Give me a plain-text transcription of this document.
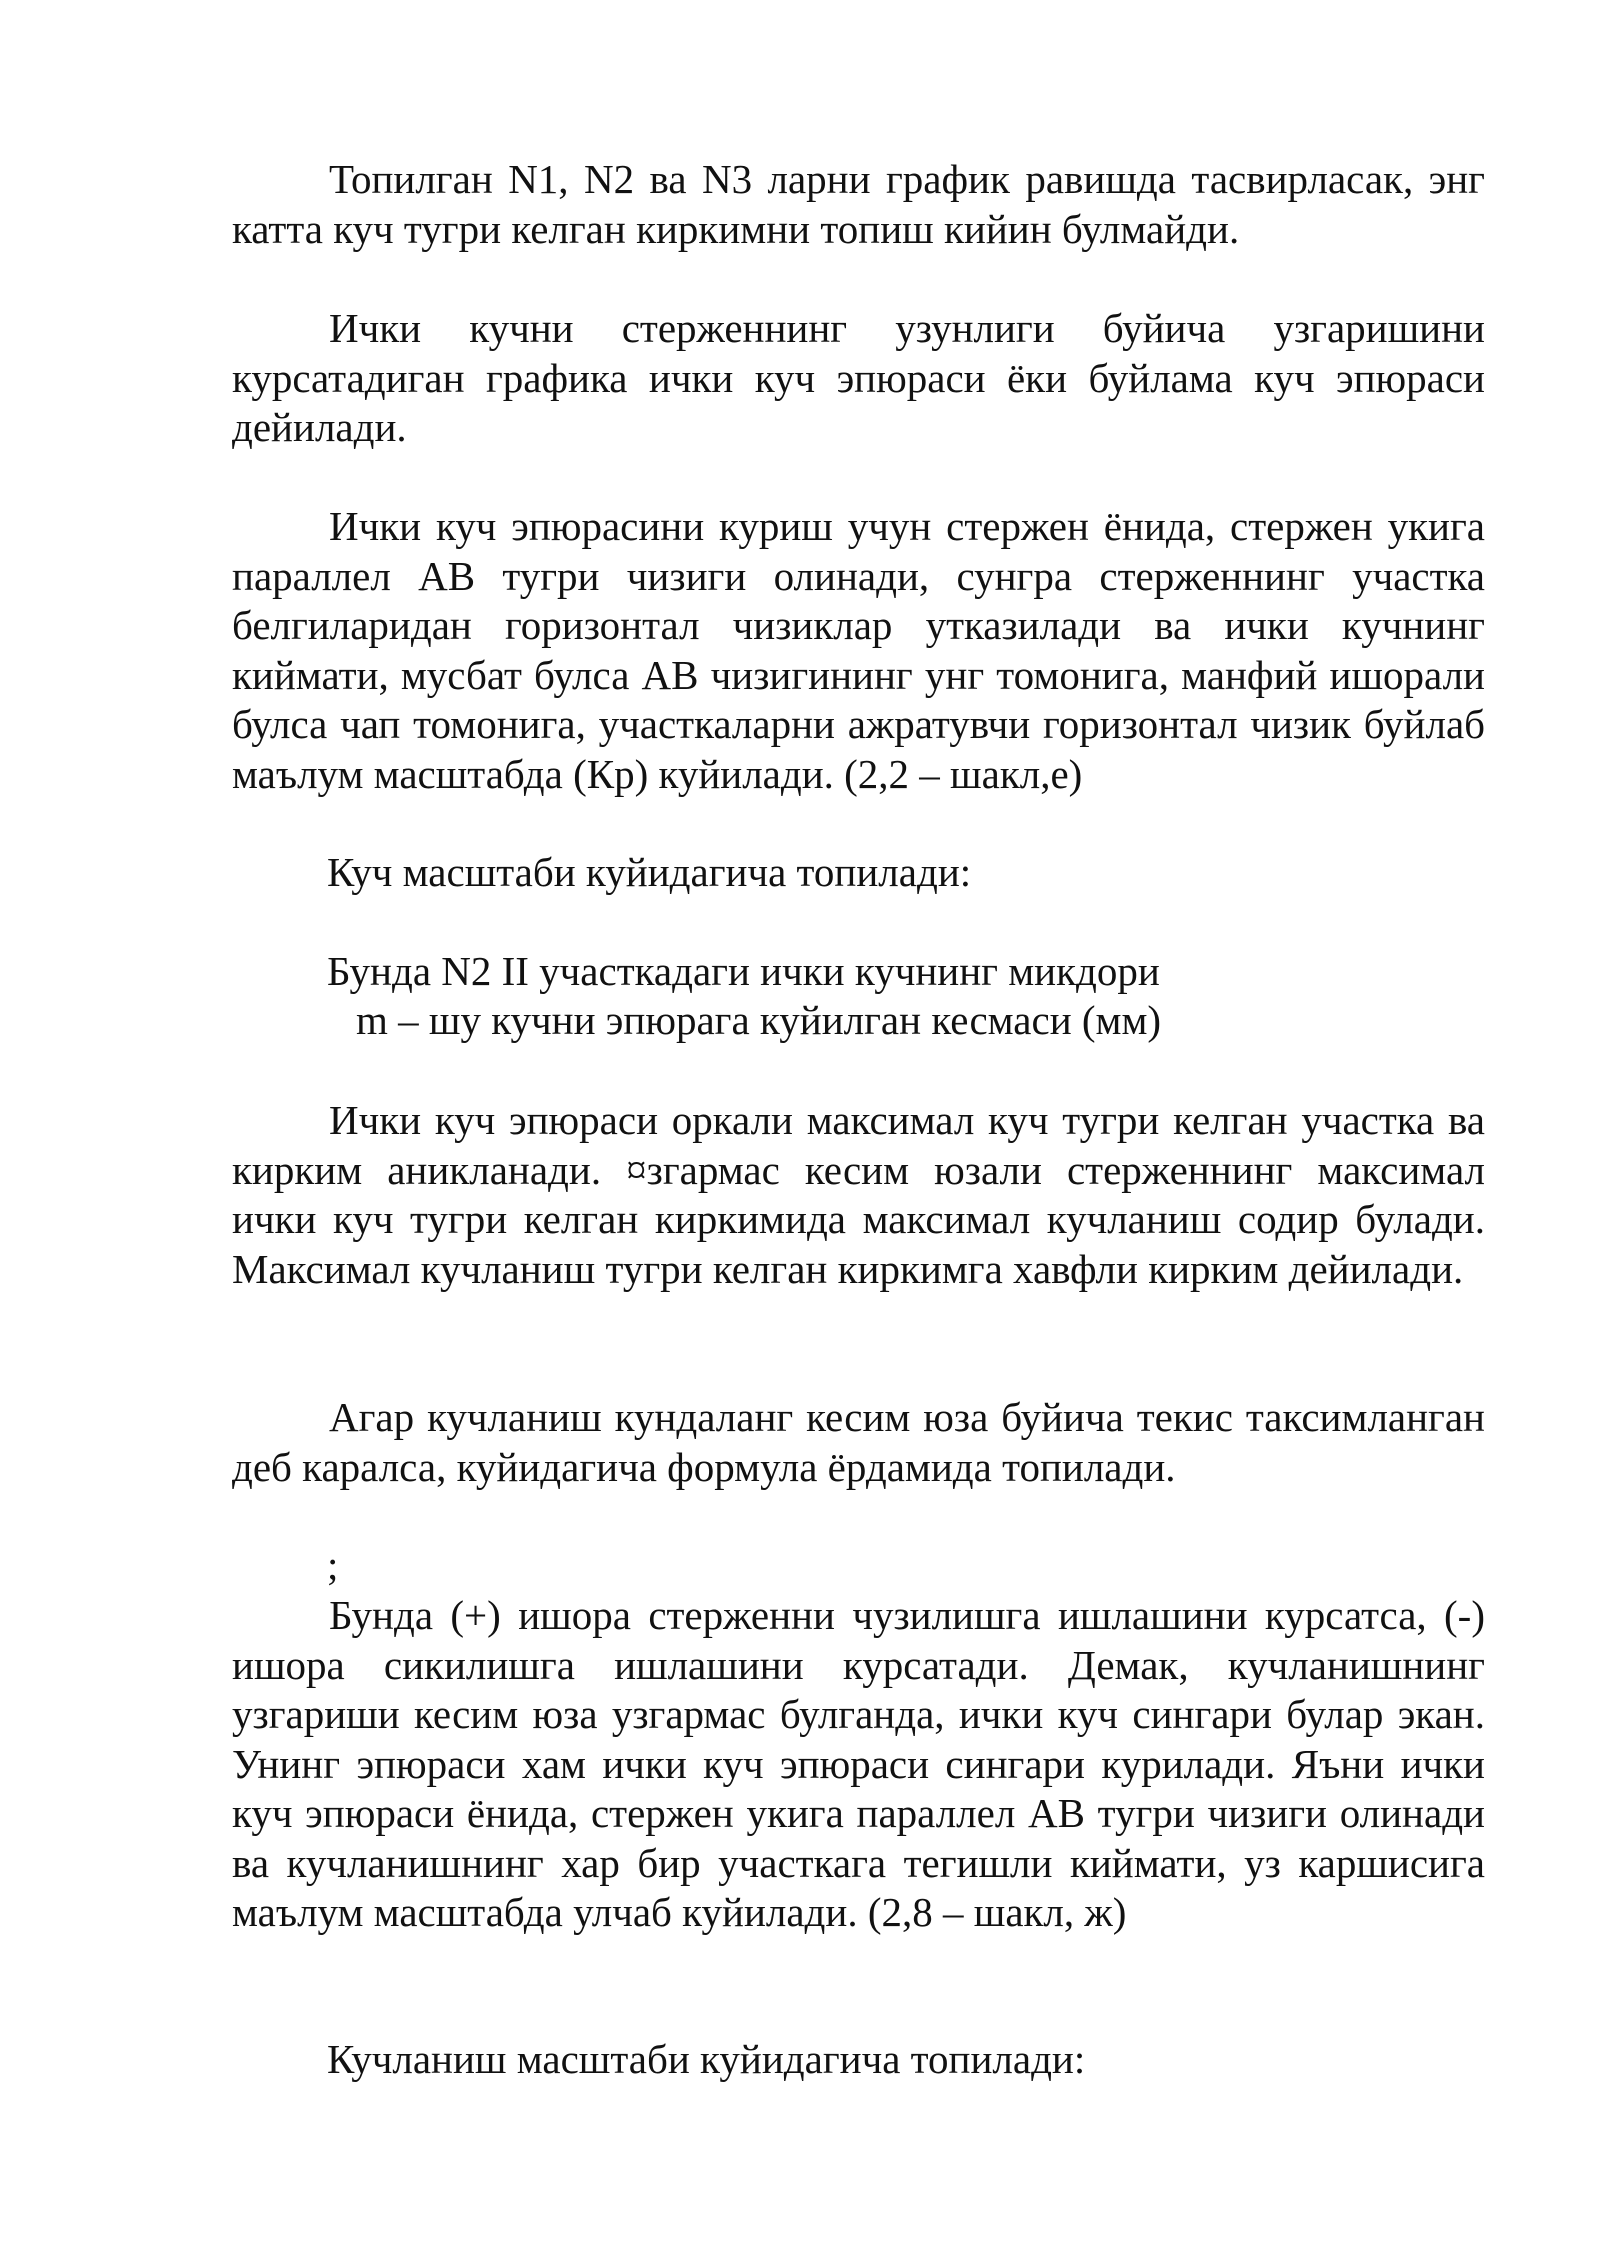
Топилган N1, N2 ва N3 ларни график равишда тасвирласак, энг катта куч тугри келган киркимни топиш кийин булмайди.

Ички кучни стерженнинг узунлиги буйича узгаришини курсатадиган графика ички куч эпюраси ёки буйлама куч эпюраси дейилади.

Ички куч эпюрасини куриш учун стержен ёнида, стержен укига параллел АВ тугри чизиги олинади, сунгра стерженнинг участка белгиларидан горизонтал чизиклар утказилади ва ички кучнинг киймати, мусбат булса АВ чизигининг унг томонига, манфий ишорали булса чап томонига, участкаларни ажратувчи горизонтал чизик буйлаб маълум масштабда (Кр) куйилади. (2,2 – шакл,е)

Куч масштаби куйидагича топилади:

Бунда N2 II участкадаги ички кучнинг микдори

m – шу кучни эпюрага куйилган кесмаси (мм)

Ички куч эпюраси оркали максимал куч тугри келган участка ва кирким аникланади. ¤згармас кесим юзали стерженнинг максимал ички куч тугри келган киркимида максимал кучланиш содир булади. Максимал кучланиш тугри келган киркимга хавфли кирким дейилади.

Агар кучланиш кундаланг кесим юза буйича текис таксимланган деб каралса, куйидагича формула ёрдамида топилади.

;

Бунда (+) ишора стерженни чузилишга ишлашини курсатса, (-) ишора сикилишга ишлашини курсатади. Демак, кучланишнинг узгариши кесим юза узгармас булганда, ички куч сингари булар экан. Унинг эпюраси хам ички куч эпюраси сингари курилади. Яъни ички куч эпюраси ёнида, стержен укига параллел АВ тугри чизиги олинади ва кучланишнинг хар бир участкага тегишли киймати, уз каршисига маълум масштабда улчаб куйилади. (2,8 – шакл, ж)

Кучланиш масштаби куйидагича топилади:
